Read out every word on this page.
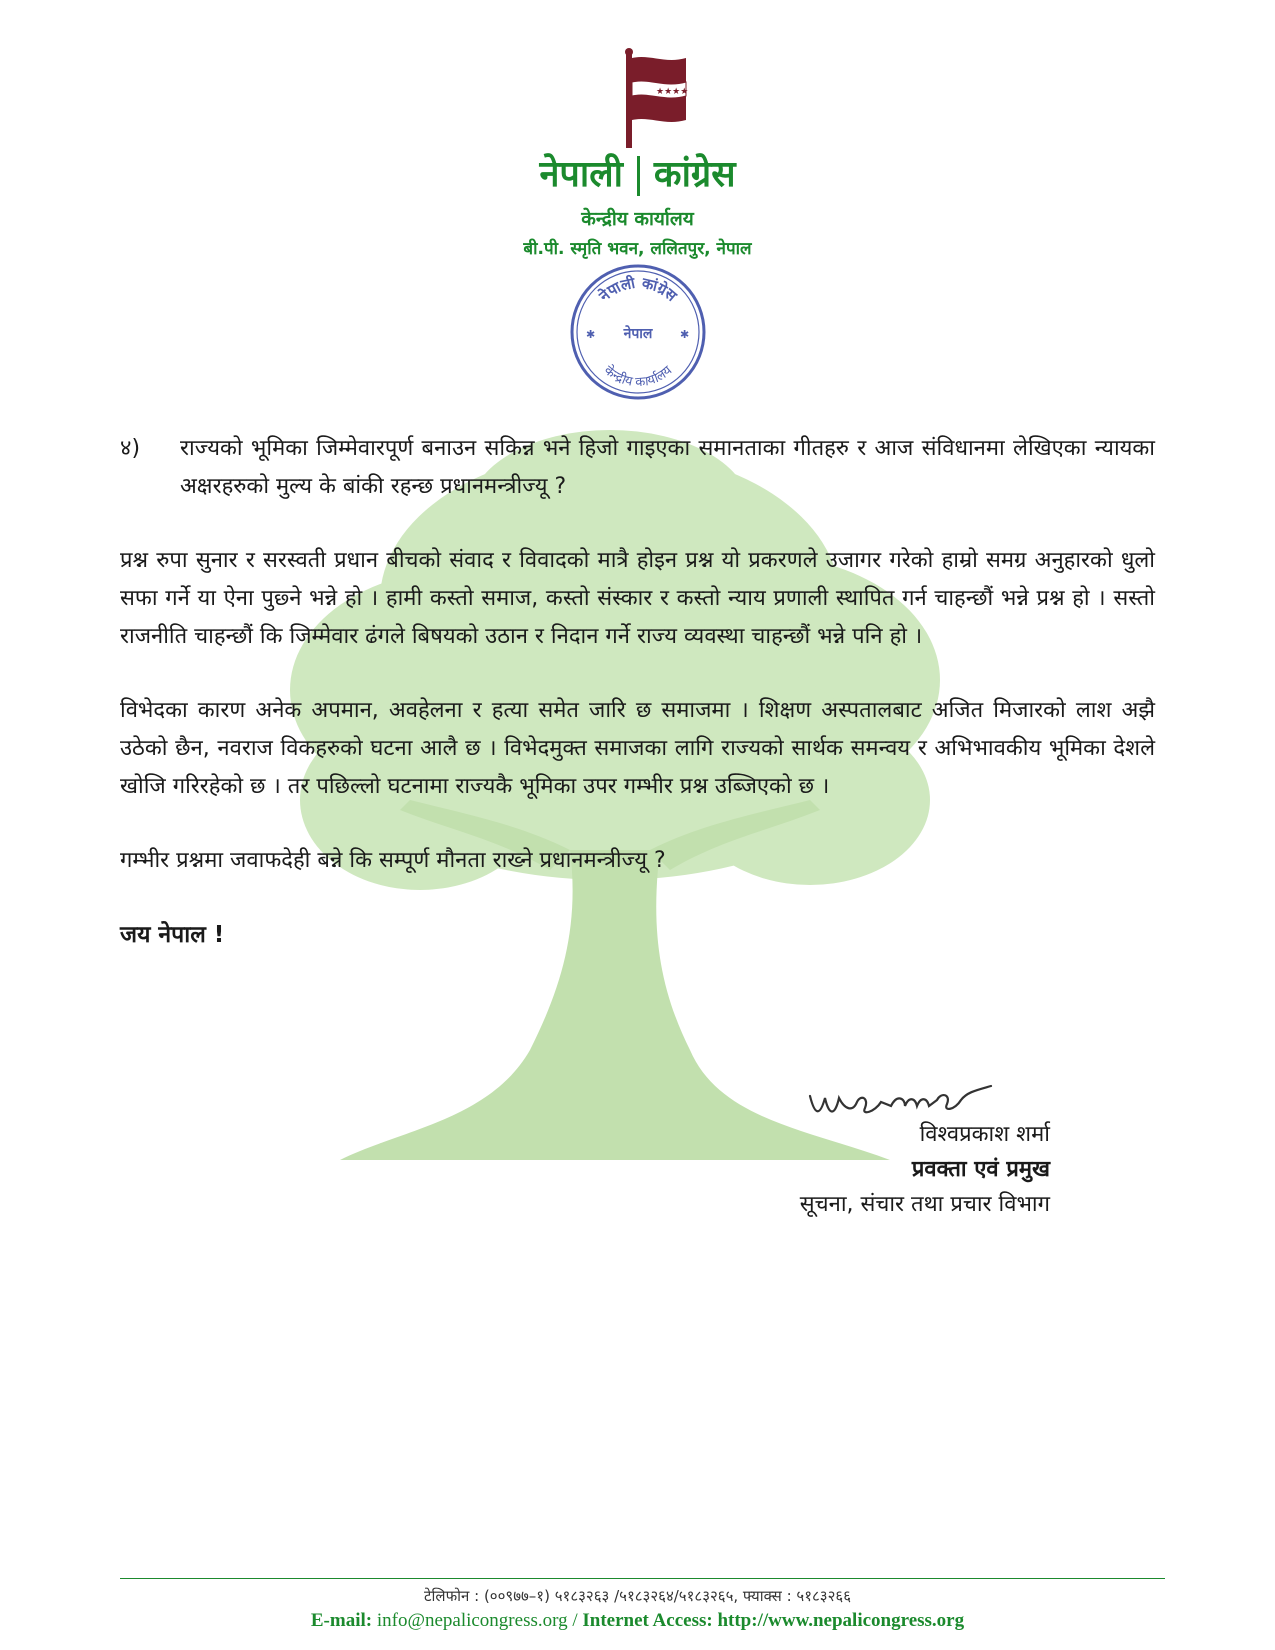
★★★★
नेपाली कांग्रेस
केन्द्रीय कार्यालय
बी.पी. स्मृति भवन, ललितपुर, नेपाल
नेपाली कांग्रेस
नेपाल
केन्द्रीय कार्यालय
✱	✱
४)	राज्यको भूमिका जिम्मेवारपूर्ण बनाउन सकिन्न भने हिजो गाइएका समानताका गीतहरु र आज संविधानमा लेखिएका न्यायका अक्षरहरुको मुल्य के बांकी रहन्छ प्रधानमन्त्रीज्यू ?

प्रश्न रुपा सुनार र सरस्वती प्रधान बीचको संवाद र विवादको मात्रै होइन प्रश्न यो प्रकरणले उजागर गरेको हाम्रो समग्र अनुहारको धुलो सफा गर्ने या ऐना पुछ्ने भन्ने हो । हामी कस्तो समाज, कस्तो संस्कार र कस्तो न्याय प्रणाली स्थापित गर्न चाहन्छौं भन्ने प्रश्न हो । सस्तो राजनीति चाहन्छौं कि जिम्मेवार ढंगले बिषयको उठान र निदान गर्ने राज्य व्यवस्था चाहन्छौं भन्ने पनि हो ।

विभेदका कारण अनेक अपमान, अवहेलना र हत्या समेत जारि छ समाजमा । शिक्षण अस्पतालबाट अजित मिजारको लाश अझै उठेको छैन, नवराज विकहरुको घटना आलै छ । विभेदमुक्त समाजका लागि राज्यको सार्थक समन्वय र अभिभावकीय भूमिका देशले खोजि गरिरहेको छ । तर पछिल्लो घटनामा राज्यकै भूमिका उपर गम्भीर प्रश्न उब्जिएको छ ।

गम्भीर प्रश्नमा जवाफदेही बन्ने कि सम्पूर्ण मौनता राख्ने प्रधानमन्त्रीज्यू ?

जय नेपाल !
विश्वप्रकाश शर्मा
प्रवक्ता एवं प्रमुख
सूचना, संचार तथा प्रचार विभाग
टेलिफोन : (००९७७–१) ५१८३२६३ /५१८३२६४/५१८३२६५, फ्याक्स : ५१८३२६६
E-mail: info@nepalicongress.org / Internet Access: http://www.nepalicongress.org
